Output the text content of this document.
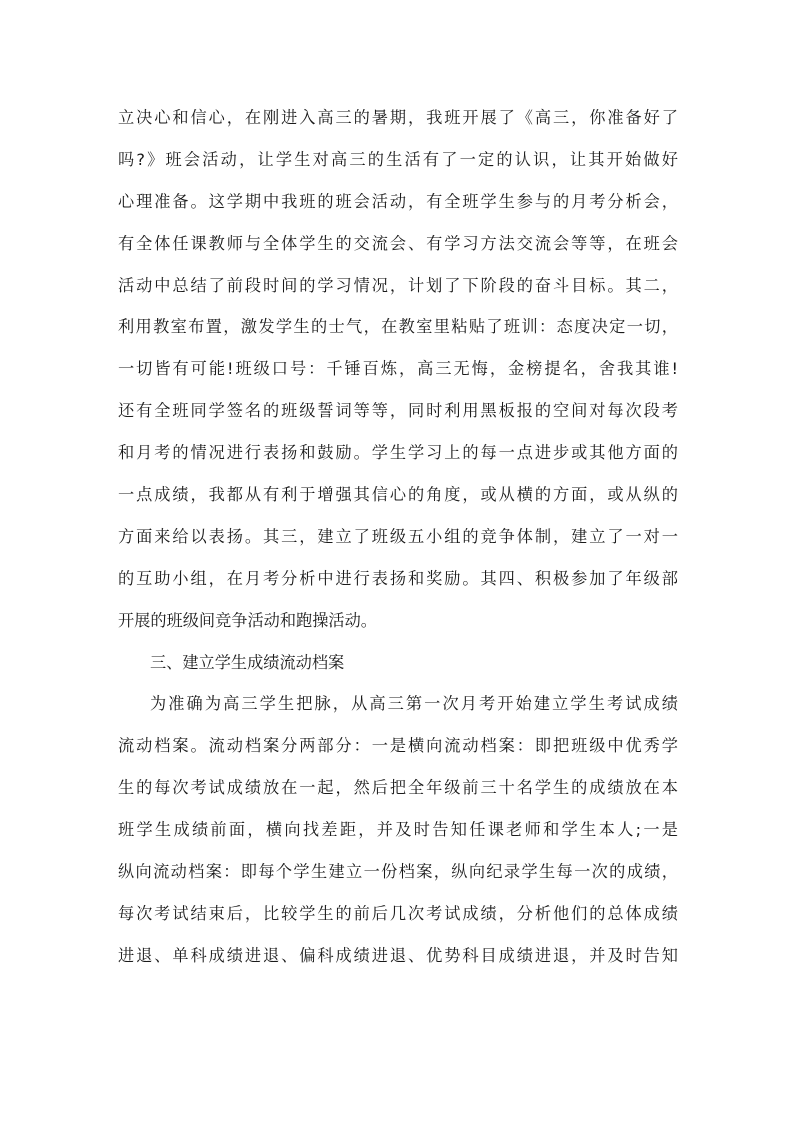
立决心和信心，在刚进入高三的暑期，我班开展了《高三，你准备好了
吗?》班会活动，让学生对高三的生活有了一定的认识，让其开始做好
心理准备。这学期中我班的班会活动，有全班学生参与的月考分析会，
有全体任课教师与全体学生的交流会、有学习方法交流会等等，在班会
活动中总结了前段时间的学习情况，计划了下阶段的奋斗目标。其二，
利用教室布置，激发学生的士气，在教室里粘贴了班训：态度决定一切，
一切皆有可能!班级口号：千锤百炼，高三无悔，金榜提名，舍我其谁!
还有全班同学签名的班级誓词等等，同时利用黑板报的空间对每次段考
和月考的情况进行表扬和鼓励。学生学习上的每一点进步或其他方面的
一点成绩，我都从有利于增强其信心的角度，或从横的方面，或从纵的
方面来给以表扬。其三，建立了班级五小组的竞争体制，建立了一对一
的互助小组，在月考分析中进行表扬和奖励。其四、积极参加了年级部
开展的班级间竞争活动和跑操活动。
三、建立学生成绩流动档案
为准确为高三学生把脉，从高三第一次月考开始建立学生考试成绩
流动档案。流动档案分两部分：一是横向流动档案：即把班级中优秀学
生的每次考试成绩放在一起，然后把全年级前三十名学生的成绩放在本
班学生成绩前面，横向找差距，并及时告知任课老师和学生本人;一是
纵向流动档案：即每个学生建立一份档案，纵向纪录学生每一次的成绩，
每次考试结束后，比较学生的前后几次考试成绩，分析他们的总体成绩
进退、单科成绩进退、偏科成绩进退、优势科目成绩进退，并及时告知
